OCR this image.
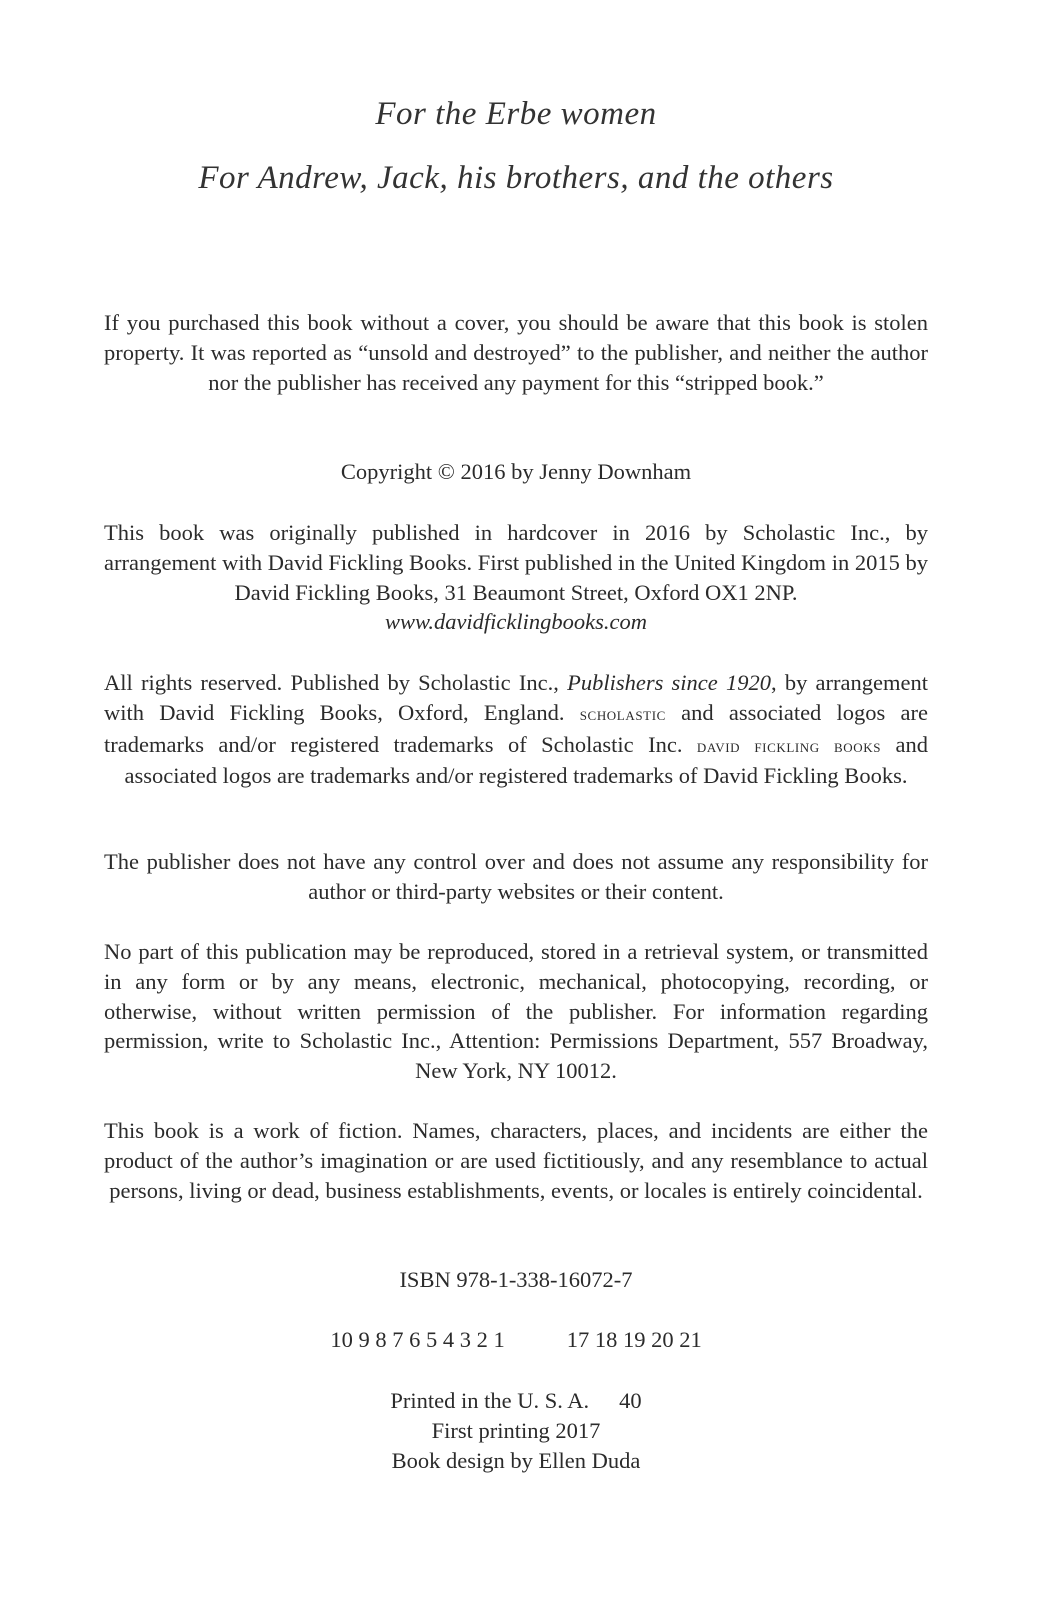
For the Erbe women
For Andrew, Jack, his brothers, and the others
If you purchased this book without a cover, you should be aware that this book is stolen property. It was reported as “unsold and destroyed” to the publisher, and neither the author nor the publisher has received any payment for this “stripped book.”
Copyright © 2016 by Jenny Downham
This book was originally published in hardcover in 2016 by Scholastic Inc., by arrangement with David Fickling Books. First published in the United Kingdom in 2015 by David Fickling Books, 31 Beaumont Street, Oxford OX1 2NP.
www.davidficklingbooks.com
All rights reserved. Published by Scholastic Inc., Publishers since 1920, by arrangement with David Fickling Books, Oxford, England. scholastic and associated logos are trademarks and/or registered trademarks of Scholastic Inc. david fickling books and associated logos are trademarks and/or registered trademarks of David Fickling Books.
The publisher does not have any control over and does not assume any responsibility for author or third-party websites or their content.
No part of this publication may be reproduced, stored in a retrieval system, or transmitted in any form or by any means, electronic, mechanical, photocopying, recording, or otherwise, without written permission of the publisher. For information regarding permission, write to Scholastic Inc., Attention: Permissions Department, 557 Broadway, New York, NY 10012.
This book is a work of fiction. Names, characters, places, and incidents are either the product of the author’s imagination or are used fictitiously, and any resemblance to actual persons, living or dead, business establishments, events, or locales is entirely coincidental.
ISBN 978-1-338-16072-7
10 9 8 7 6 5 4 3 2 1	17 18 19 20 21
Printed in the U. S. A. 40
First printing 2017
Book design by Ellen Duda
